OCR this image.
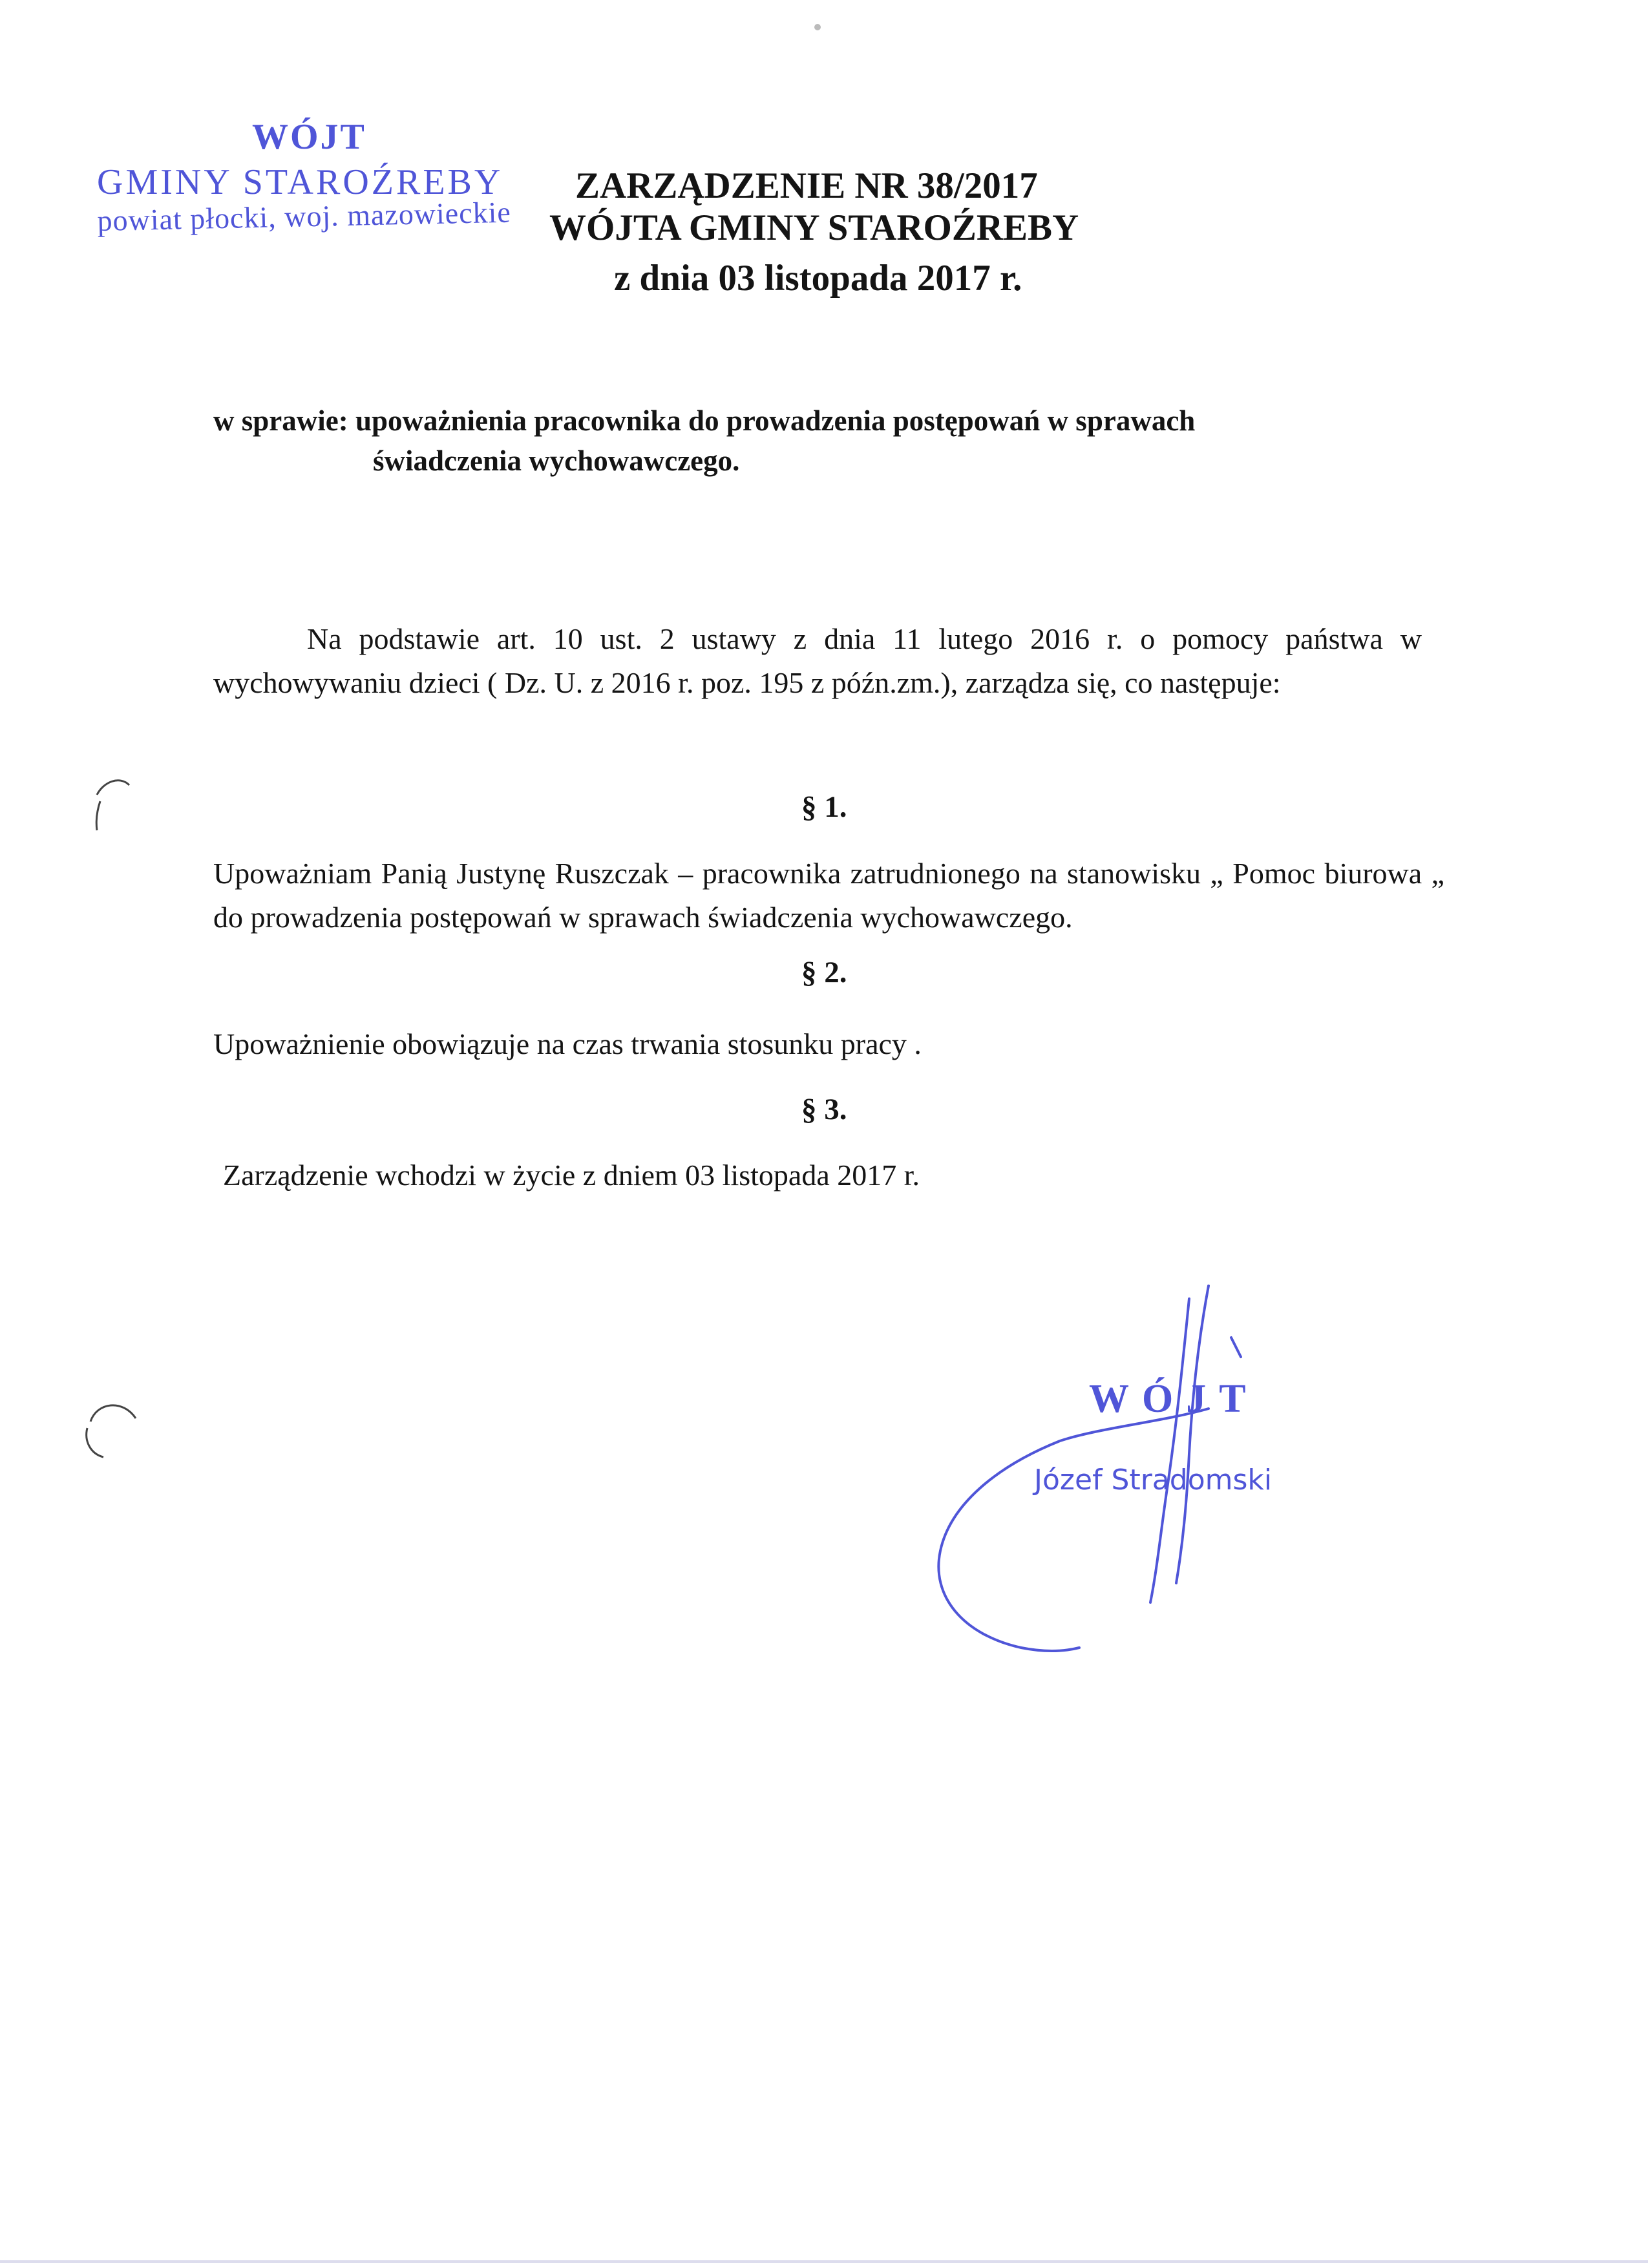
WÓJT
GMINY STAROŹREBY
powiat płocki, woj. mazowieckie
ZARZĄDZENIE NR 38/2017
WÓJTA GMINY STAROŹREBY
z dnia 03 listopada 2017 r.
w sprawie: upoważnienia pracownika do prowadzenia postępowań w sprawach
świadczenia wychowawczego.
Na podstawie art. 10 ust. 2 ustawy z dnia 11 lutego 2016 r. o pomocy państwa w wychowywaniu dzieci ( Dz. U. z 2016 r. poz. 195 z późn.zm.), zarządza się, co następuje:
§ 1.
Upoważniam Panią Justynę Ruszczak – pracownika zatrudnionego na stanowisku „ Pomoc biurowa „ do prowadzenia postępowań w sprawach świadczenia wychowawczego.
§ 2.
Upoważnienie obowiązuje na czas trwania stosunku pracy .
§ 3.
Zarządzenie wchodzi w życie z dniem 03 listopada 2017 r.
WÓJT
Józef Stradomski
